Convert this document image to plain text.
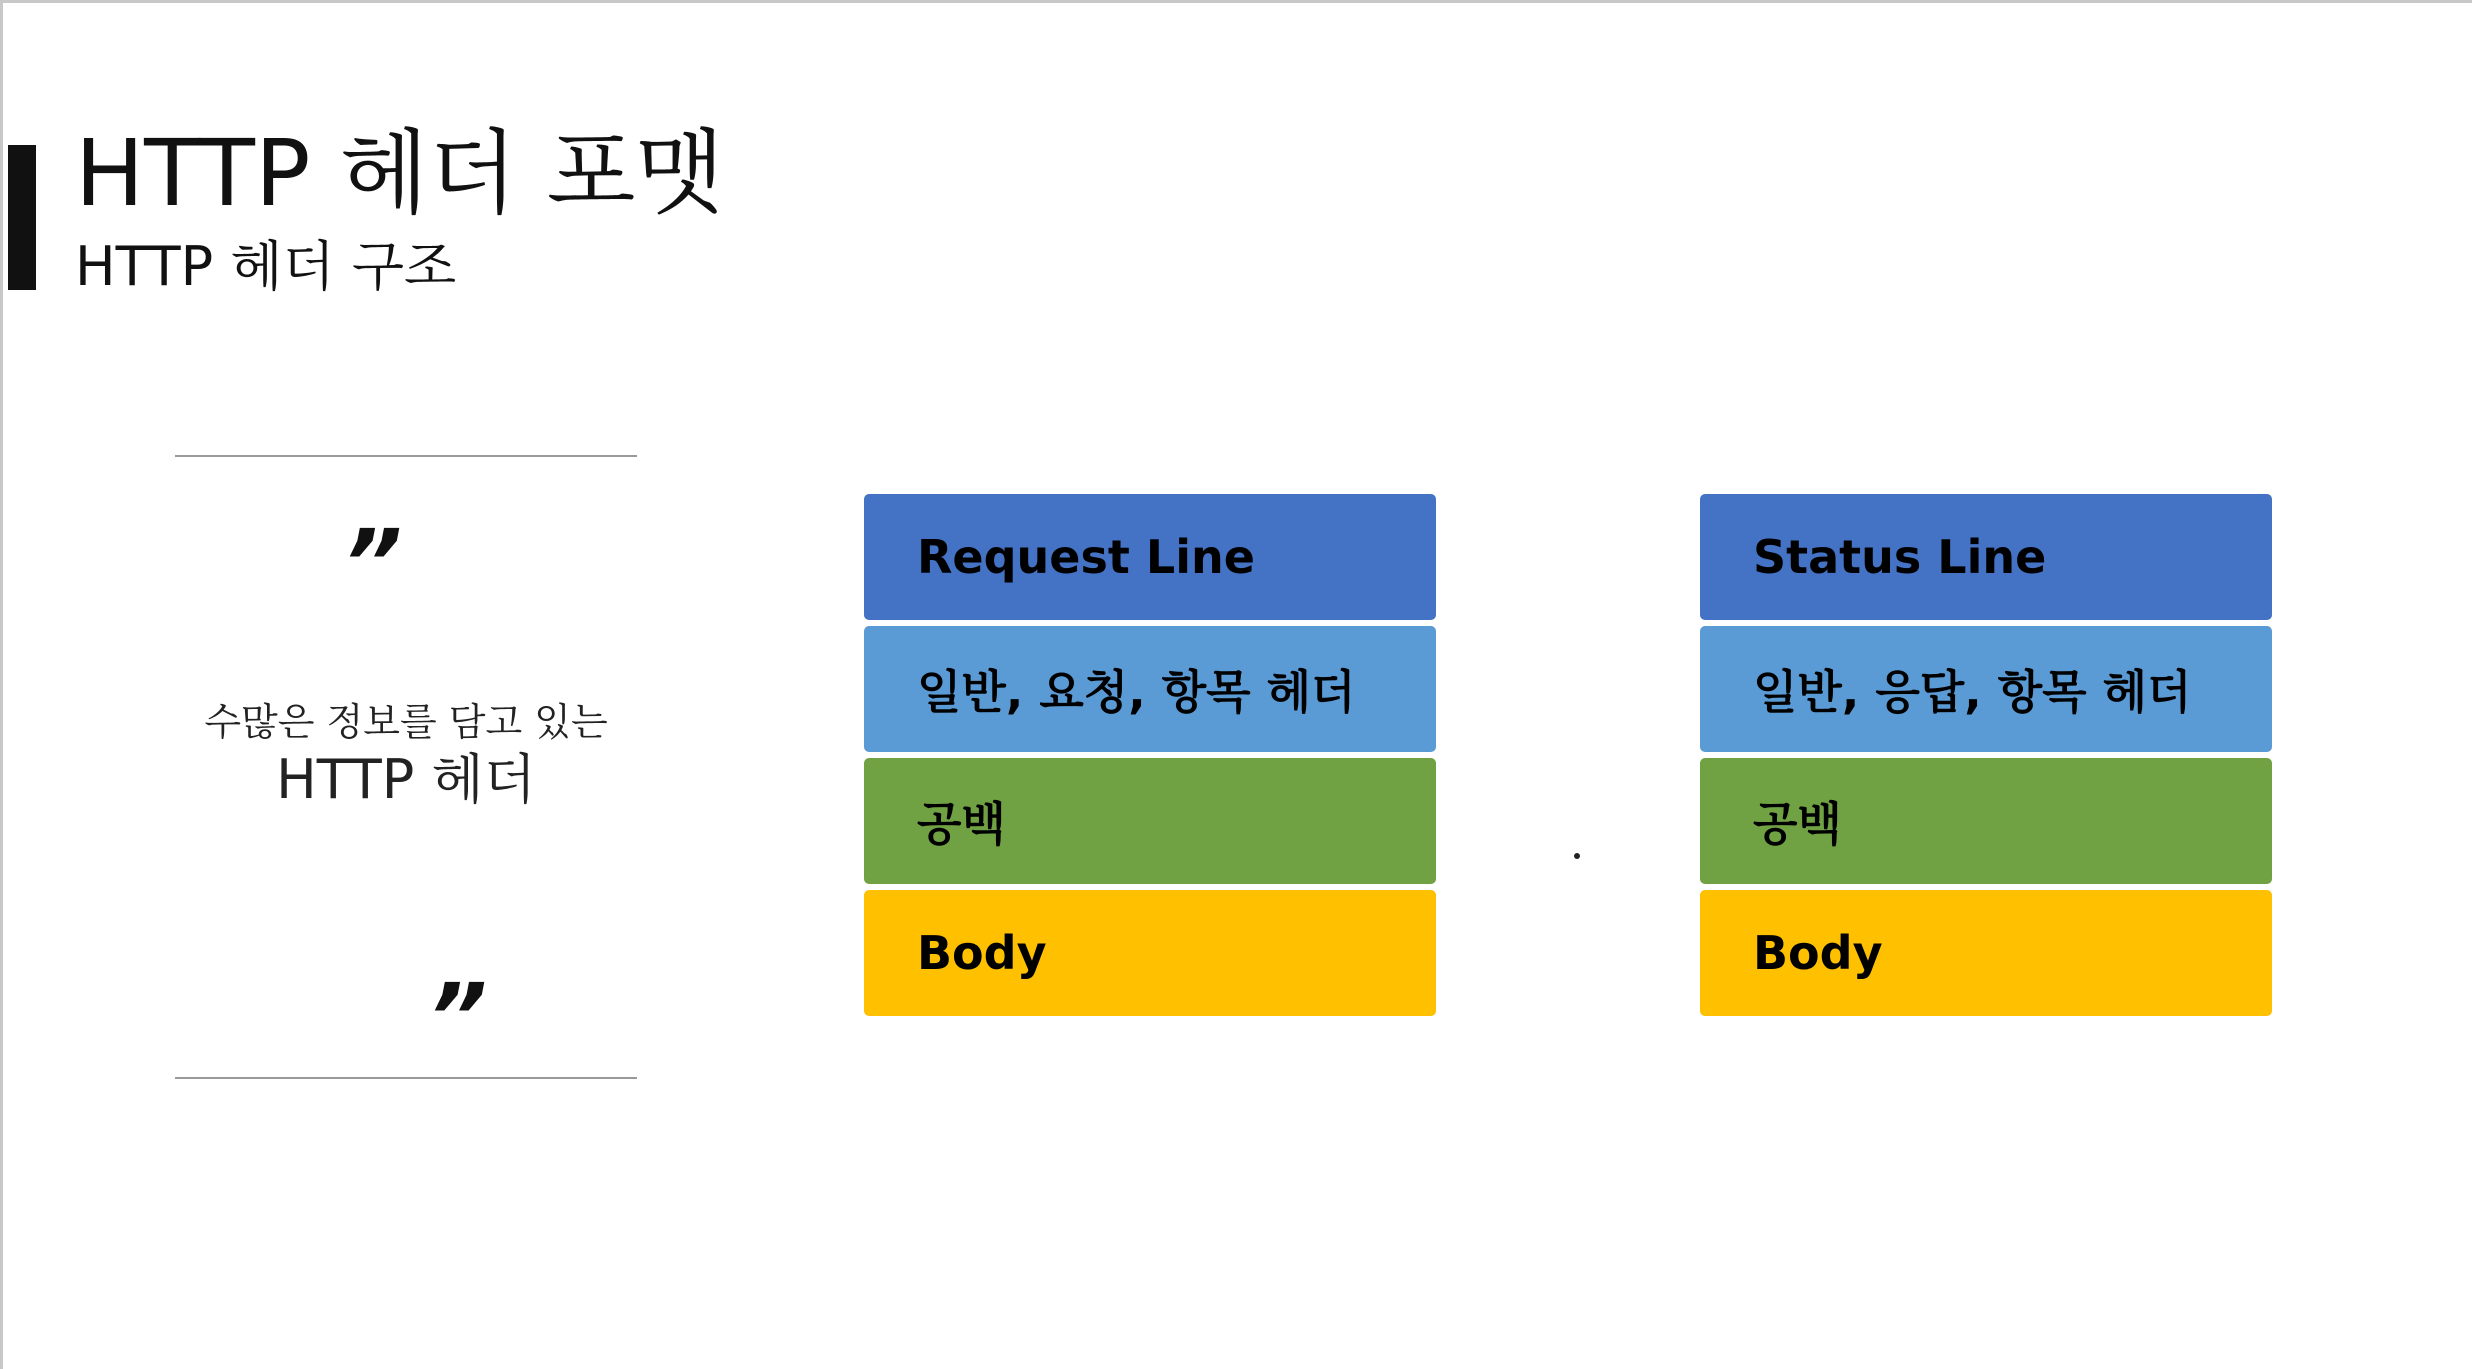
HTTP 헤더 포맷
HTTP 헤더 구조
”
수많은 정보를 담고 있는
HTTP 헤더
”
Request Line
일반, 요청, 항목 헤더
공백
Body
Status Line
일반, 응답, 항목 헤더
공백
Body
